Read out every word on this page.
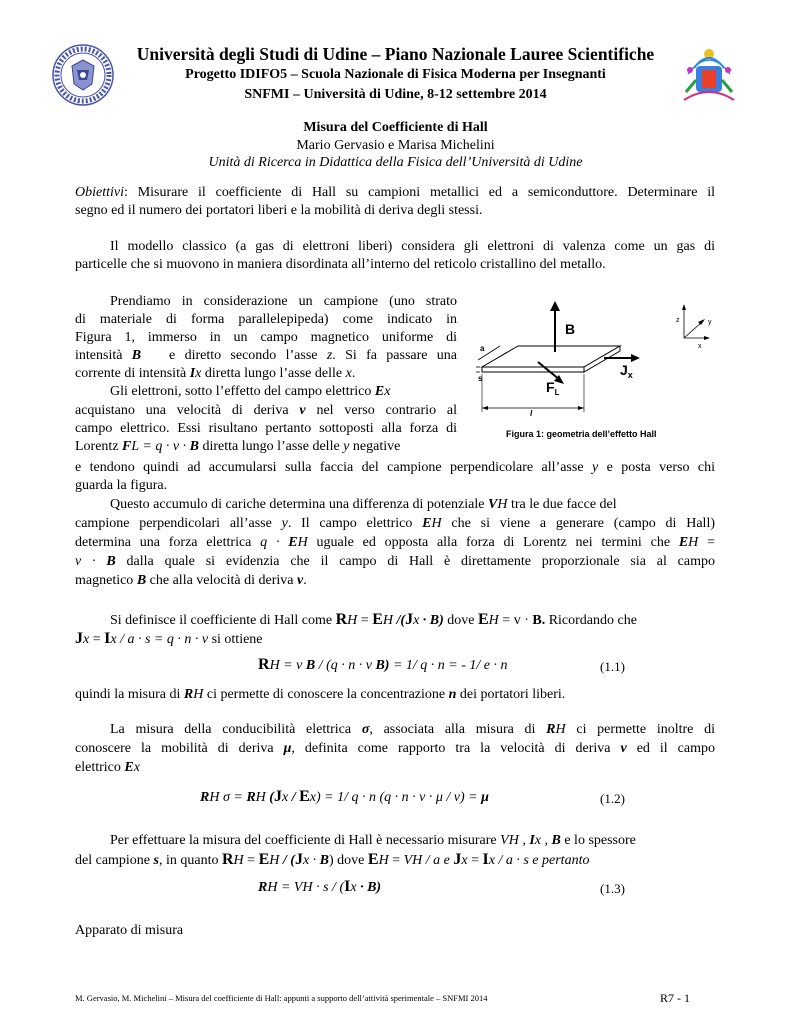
Università degli Studi di Udine – Piano Nazionale Lauree Scientifiche
Progetto IDIFO5 – Scuola Nazionale di Fisica Moderna per Insegnanti
SNFMI – Università di Udine, 8-12 settembre 2014
Misura del Coefficiente di Hall
Mario Gervasio e Marisa Michelini
Unità di Ricerca in Didattica della Fisica dell’Università di Udine
Obiettivi: Misurare il coefficiente di Hall su campioni metallici ed a semiconduttore. Determinare il
segno ed il numero dei portatori liberi e la mobilità di deriva degli stessi.
Il modello classico (a gas di elettroni liberi) considera gli elettroni di valenza come un gas di
particelle che si muovono in maniera disordinata all’interno del reticolo cristallino del metallo.
Prendiamo in considerazione un campione (uno strato
di materiale di forma parallelepipeda) come indicato in
Figura 1, immerso in un campo magnetico uniforme di
intensità B e diretto secondo l’asse z. Si fa passare una
corrente di intensità Ix diretta lungo l’asse delle x.
Gli elettroni, sotto l’effetto del campo elettrico Ex
acquistano una velocità di deriva v nel verso contrario al
campo elettrico. Essi risultano pertanto sottoposti alla forza di
Lorentz FL = q · v · B diretta lungo l’asse delle y negative
e tendono quindi ad accumularsi sulla faccia del campione perpendicolare all’asse y e posta verso chi
guarda la figura.
B
$J_x$
$F_L$
a
s
l
z	y
x
Figura 1: geometria dell’effetto Hall
Questo accumulo di cariche determina una differenza di potenziale VH tra le due facce del
campione perpendicolari all’asse y. Il campo elettrico EH che si viene a generare (campo di Hall)
determina una forza elettrica q · EH uguale ed opposta alla forza di Lorentz nei termini che EH =
v · B dalla quale si evidenzia che il campo di Hall è direttamente proporzionale sia al campo
magnetico B che alla velocità di deriva v.
Si definisce il coefficiente di Hall come RH = EH /(Jx · B) dove EH = v · B. Ricordando che
Jx = Ix / a · s = q · n · v si ottiene
RH = v B / (q · n · v B) = 1/ q · n = - 1/ e · n	(1.1)
quindi la misura di RH ci permette di conoscere la concentrazione n dei portatori liberi.
La misura della conducibilità elettrica σ, associata alla misura di RH ci permette inoltre di
conoscere la mobilità di deriva μ, definita come rapporto tra la velocità di deriva v ed il campo
elettrico Ex
RH σ = RH (Jx / Ex) = 1/ q · n (q · n · v · μ / v) = μ	(1.2)
Per effettuare la misura del coefficiente di Hall è necessario misurare VH , Ix , B e lo spessore
del campione s, in quanto RH = EH / (Jx · B) dove EH = VH / a e Jx = Ix / a · s e pertanto
RH = VH · s / (Ix · B)	(1.3)
Apparato di misura
M. Gervasio, M. Michelini – Misura del coefficiente di Hall: appunti a supporto dell’attività sperimentale – SNFMI 2014	R7 - 1
